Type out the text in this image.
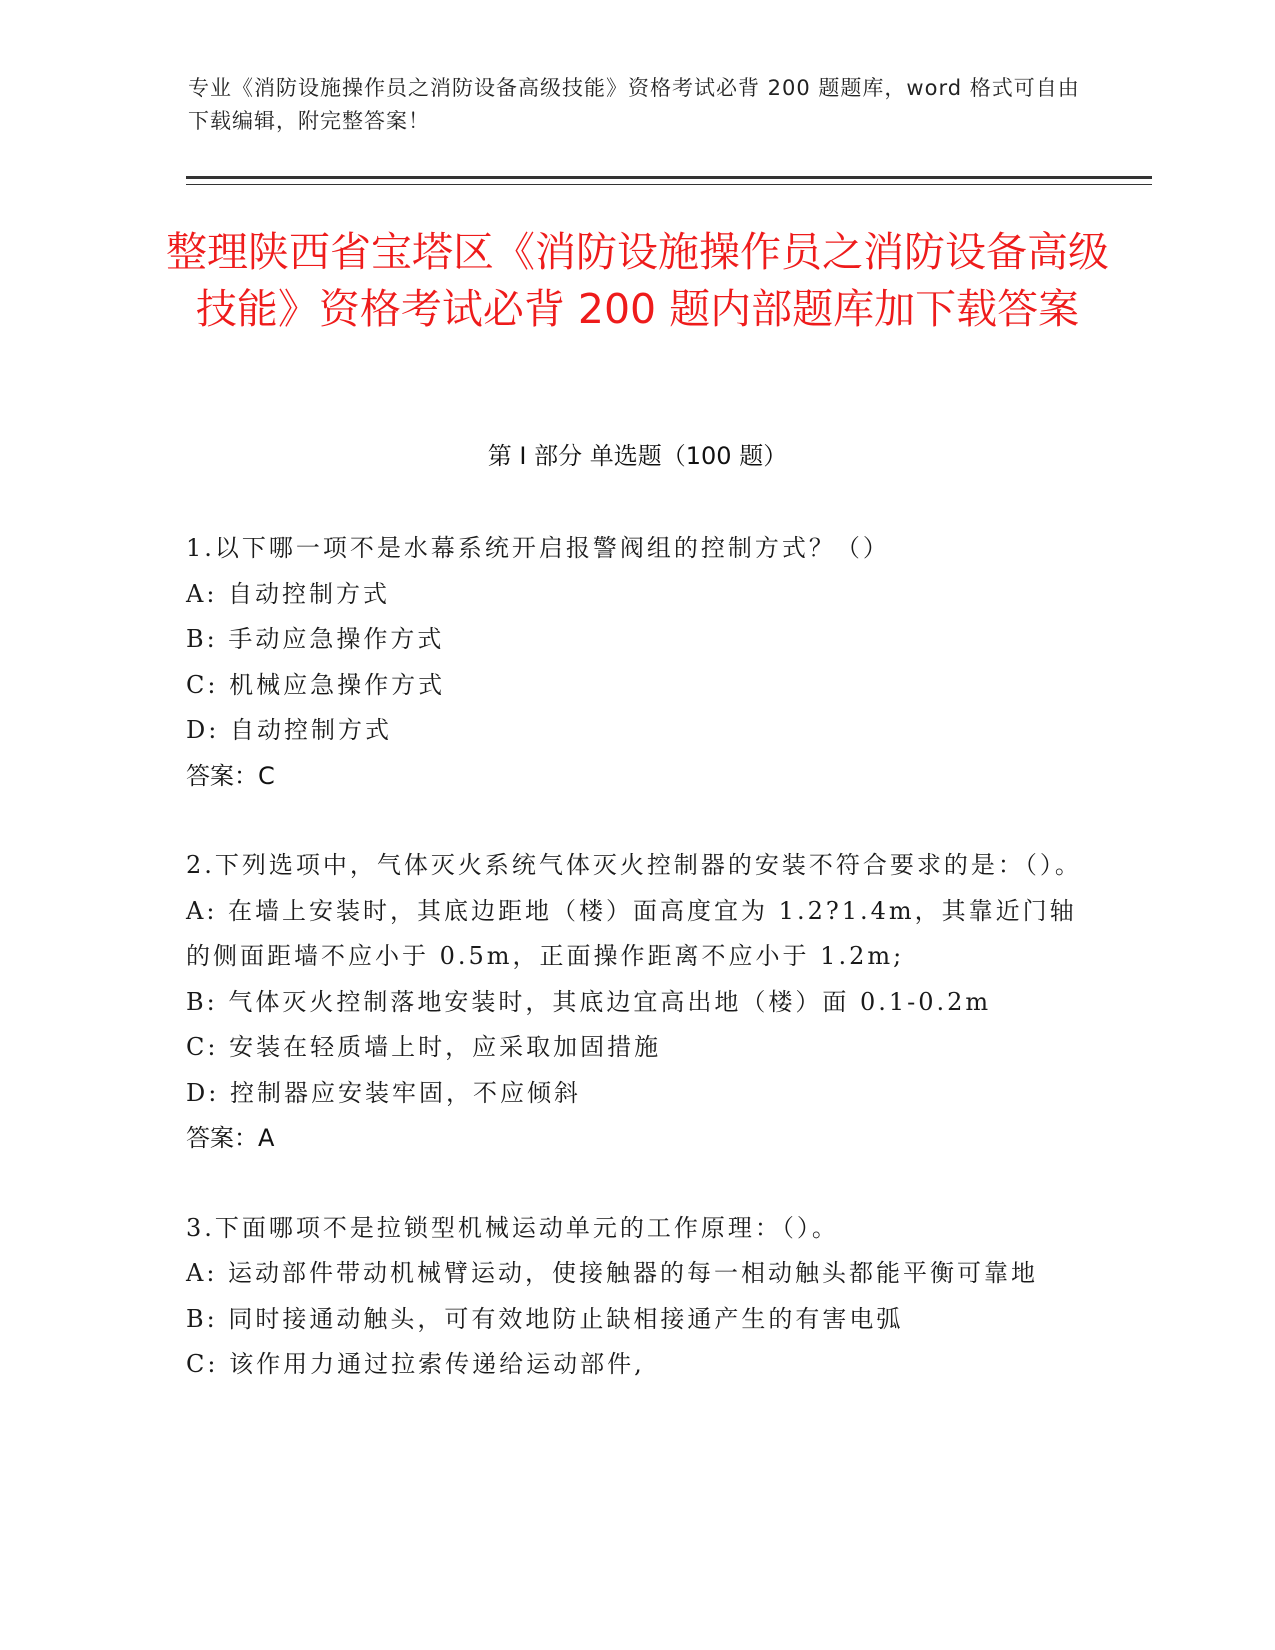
专业《消防设施操作员之消防设备高级技能》资格考试必背 200 题题库，word 格式可自由下载编辑，附完整答案！
整理陕西省宝塔区《消防设施操作员之消防设备高级技能》资格考试必背 200 题内部题库加下载答案
第 I 部分 单选题（100 题）
1.以下哪一项不是水幕系统开启报警阀组的控制方式？（）
A: 自动控制方式
B: 手动应急操作方式
C: 机械应急操作方式
D: 自动控制方式
答案：C
2.下列选项中，气体灭火系统气体灭火控制器的安装不符合要求的是：（）。
A: 在墙上安装时，其底边距地（楼）面高度宜为 1.2?1.4m，其靠近门轴的侧面距墙不应小于 0.5m，正面操作距离不应小于 1.2m;
B: 气体灭火控制落地安装时，其底边宜高出地（楼）面 0.1-0.2m
C: 安装在轻质墙上时，应采取加固措施
D: 控制器应安装牢固，不应倾斜
答案：A
3.下面哪项不是拉锁型机械运动单元的工作原理：（）。
A: 运动部件带动机械臂运动，使接触器的每一相动触头都能平衡可靠地
B: 同时接通动触头，可有效地防止缺相接通产生的有害电弧
C: 该作用力通过拉索传递给运动部件,
